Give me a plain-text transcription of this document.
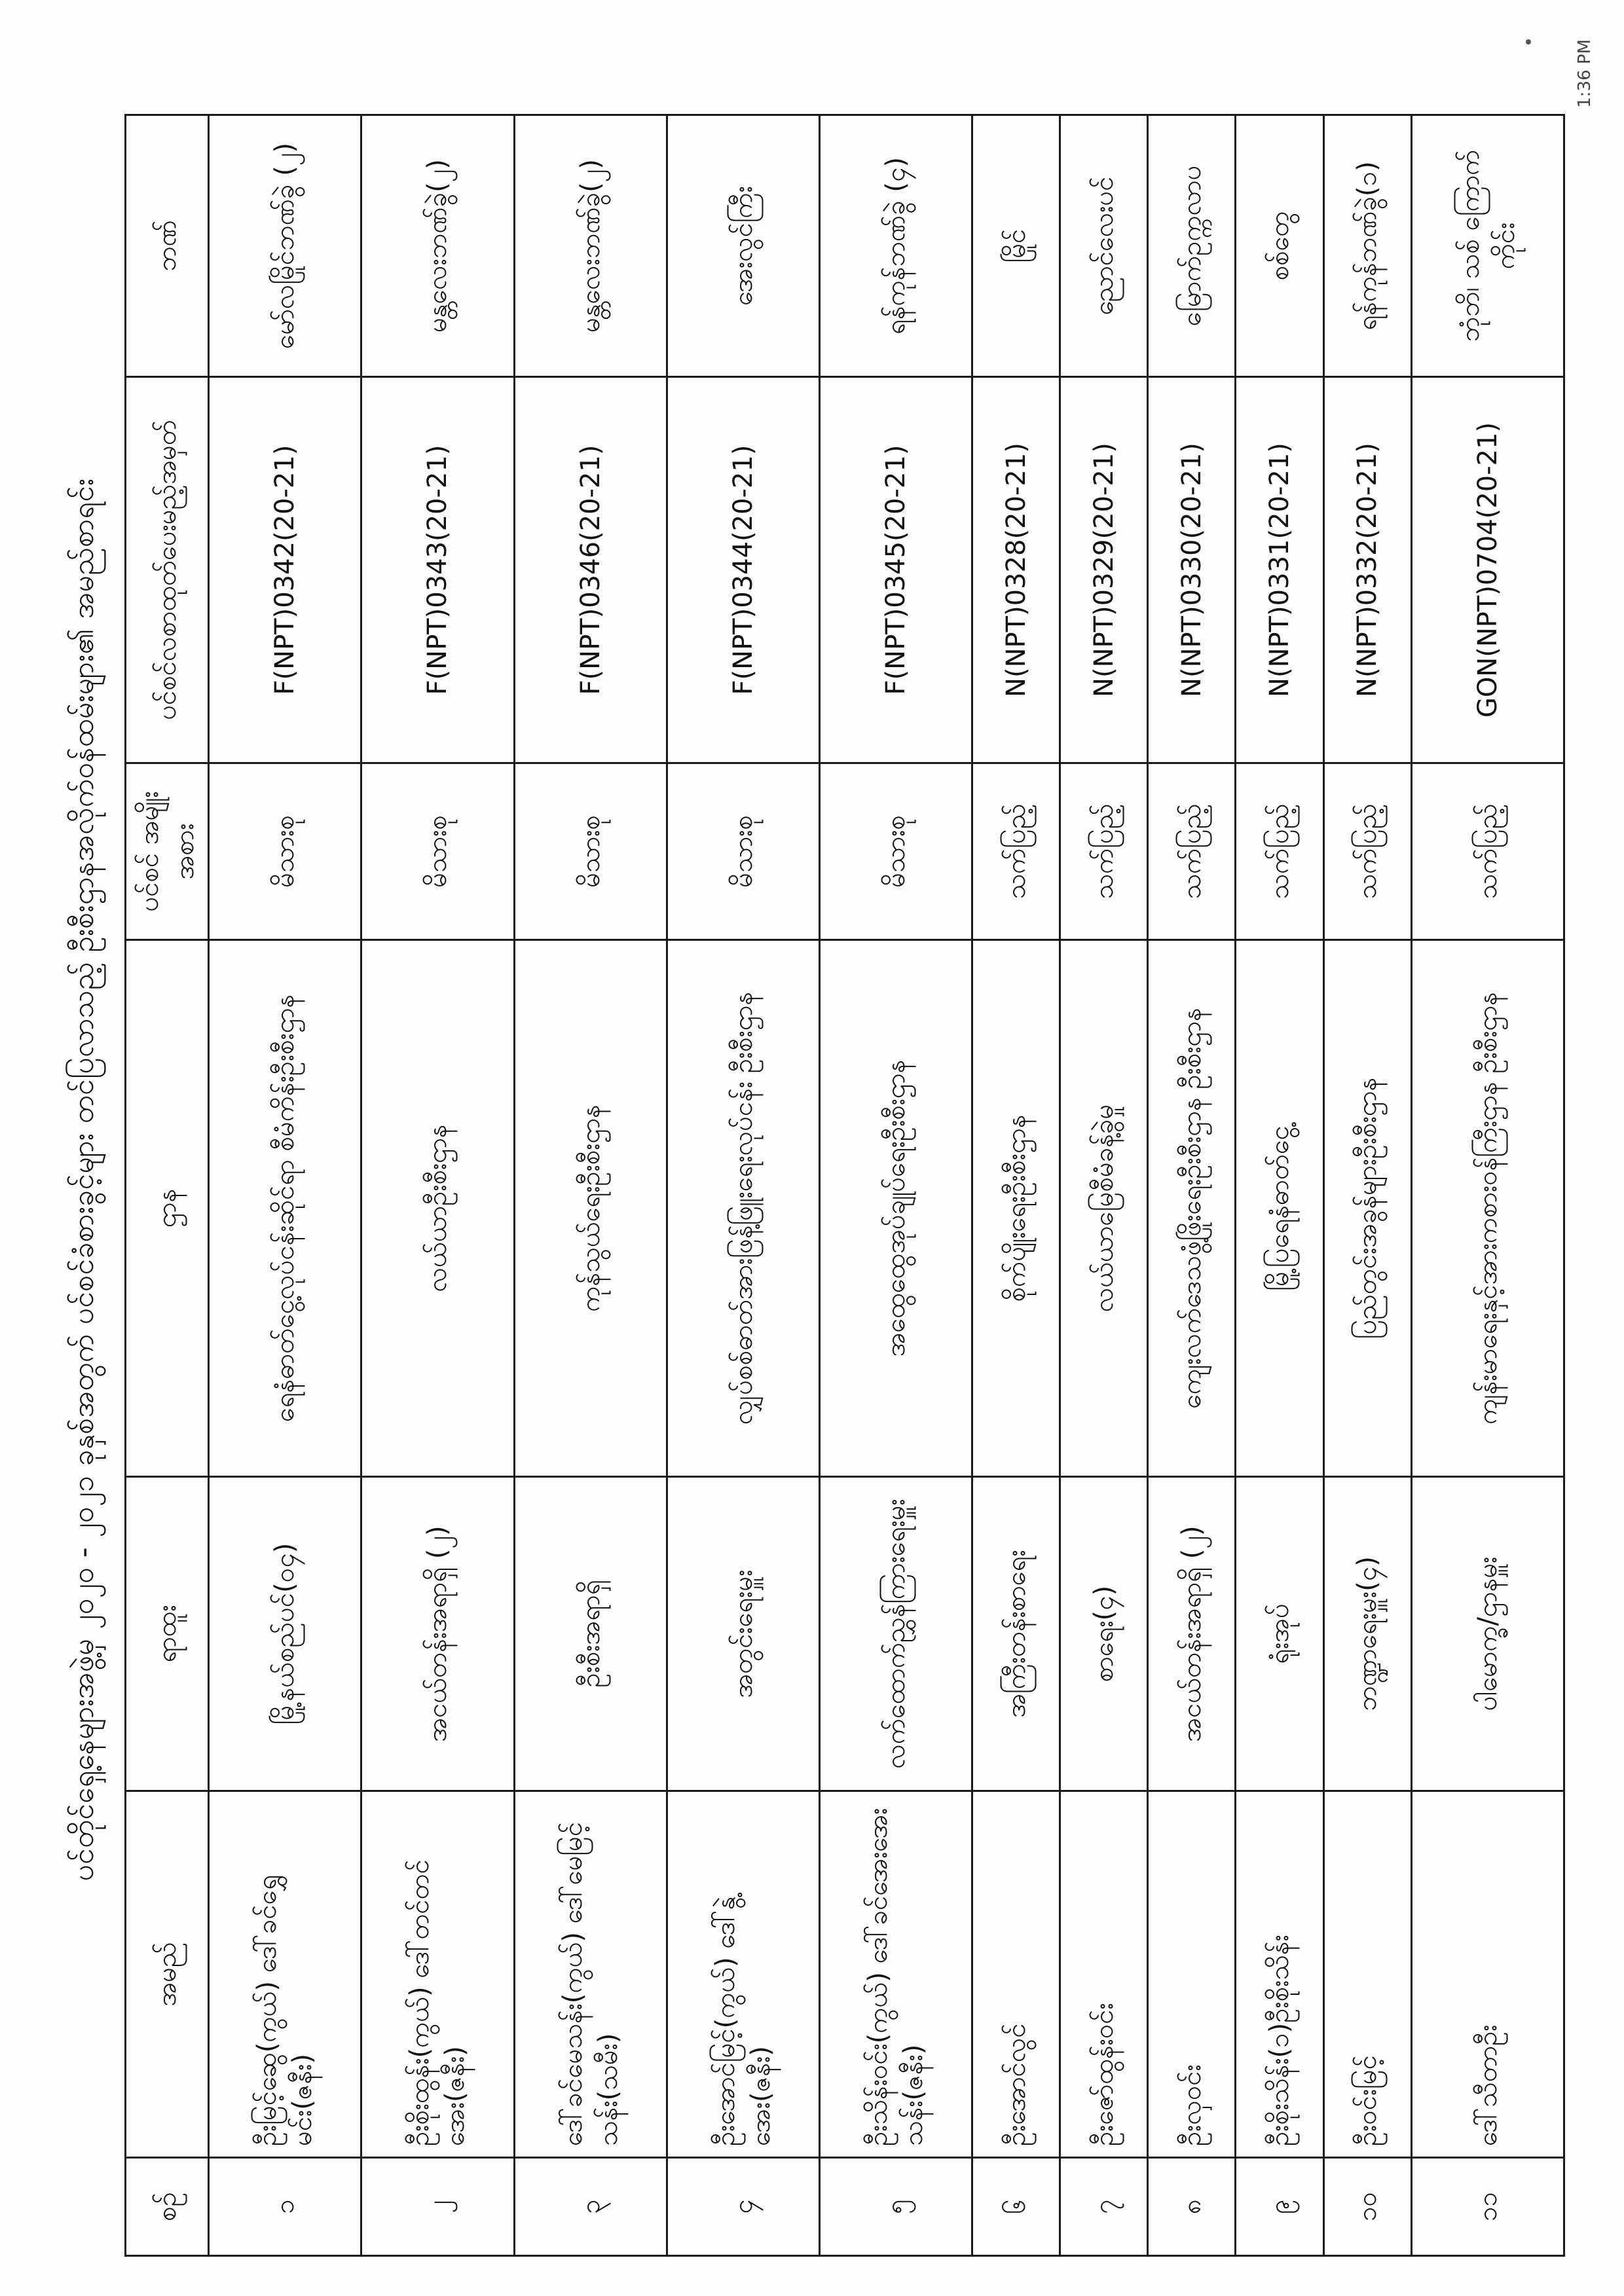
ပင်တိုင်ရှေ့နေများအဖွဲ့မှ ၂၀၂၀ - ၂၀၂၁ ခုနှစ်အတွက် ပင်စင်ခံစားခွင့်များ တင်ပြလာသည့် ဦးစီးဌာနအလိုက်ဝန်ထမ်းများ၏ အမည်စာရင်း
စဉ်	အမည်	ရာထူး	ဌာန	ပင်စင် အမျိုးအစား	ပင်စင်လစာထုတ်ပေးမည့်အမှတ်	ဘဏ်
၁	ဦးမြင့်ဆွေ(ကွယ်) ဒေါ်ခင်ရွှေမင်း(ဇနီး)	မြို့နယ်စည်ပင်(၀၄)	ရေနံဓာတ်ငွေ့လုပ်ငန်းဆိုင်ရာ စီမံကိန်းဦးစီးဌာန	မိသားစု	F(NPT)0342(20-21)	မော်လမြိုင်ဘဏ်ခွဲ (၂)
၂	ဦးစိုးထွန်း(ကွယ်) ဒေါ်တင်တင်အေး(ဇနီး)	အငယ်တန်းအရာရှိ (၂)	လယ်ယာဦးစီးဌာန	မိသားစု	F(NPT)0343(20-21)	မန္တလေးဘဏ်ခွဲ(၂)
၃	ဒေါ်ခင်မေသန်း(ကွယ်) ဒေါ်မေမြင့်သန်း(သမီး)	ဦးစီးအရာရှိ	ကုန်သွယ်ရေးဦးစီးဌာန	မိသားစု	F(NPT)0346(20-21)	မန္တလေးဘဏ်ခွဲ(၂)
၄	ဦးအောင်မြင့်(ကွယ်) ဒေါ်နွဲ့အေး(ဇနီး)	အတွင်းရေးမှူး	လျှပ်စစ်ဓာတ်အားဖြန့်ဖြူးရေးလုပ်ငန်း ဦးစီးဌာန	မိသားစု	F(NPT)0344(20-21)	အေးလွင်ကြီး
၅	ဦးသိန်းဝင်း(ကွယ်) ဒေါ်ခင်အေးအေးသန်း(ဇနီး)	လက်ထောက်ညွှန်ကြားရေးမှူး	အထွေထွေအုပ်ချုပ်ရေးဦးစီးဌာန	မိသားစု	F(NPT)0345(20-21)	ရန်ကုန်ဘဏ်ခွဲ (၄)
၆	ဦးအောင်လွင်	အကြီးတန်းစာရေး	စိုက်ပျိုးရေးဦးစီးဌာန	သက်ပြည့်	N(NPT)0328(20-21)	မြိုင်
၇	ဦးဇော်ထွန်းဝင်း	စာရေး(၄)	လယ်ယာမြေစီမံခန့်ခွဲမှု	သက်ပြည့်	N(NPT)0329(20-21)	ညောင်လေးပင်
၈	ဦးလှဝင်း	အငယ်တန်းအရာရှိ (၂)	ကျေးလက်ဒေသဖွံ့ဖြိုးရေးဦးစီးဌာန ဦးစီးဌာန	သက်ပြည့်	N(NPT)0330(20-21)	မြောက်ဥက္ကလာပ
၉	ဦးစိုးသိန်း(၁)ဦးစိုးသိန်း	ရုံးအုပ်	မြို့ပြရေနံဓာတ်ငွေ့	သက်ပြည့်	N(NPT)0331(20-21)	စစ်တွေ
၁၀	ဦးဝင်းမြင့်	ဘဏ္ဍာရေးမှူး(၄)	ပြည်တွင်းအခွန်များဦးစီးဌာန	သက်ပြည့်	N(NPT)0332(20-21)	ရန်ကုန်ဘဏ်ခွဲ(၁)
၁၁	ဒေါ်သီတာဦး	ပါမောက္ခ/ဌာနမှူး	ကျန်းမာရေးနှင့်အားကစားဝန်ကြီးဌာန ဦးစီးဌာန	သက်ပြည့်	GON(NPT)0704(20-21)	ဘုံဘိ၊ သစ် ကြောက်ကိုင်း
1:36 PM
